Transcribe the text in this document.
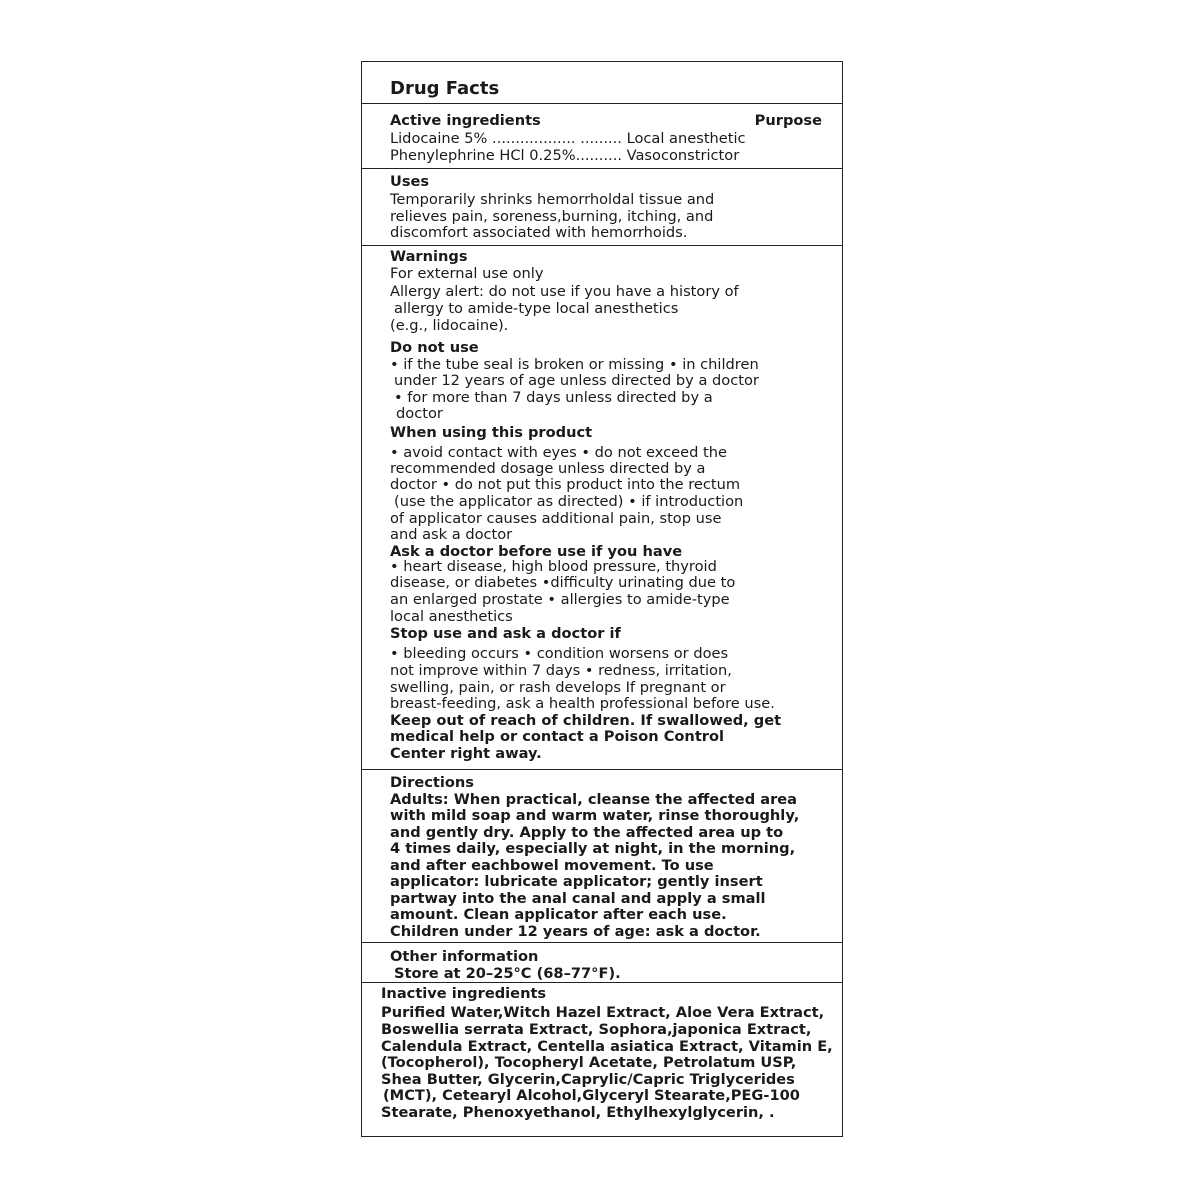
Drug Facts
Active ingredients	Purpose
Lidocaine 5% .................. ......... Local anesthetic
Phenylephrine HCl 0.25%.......... Vasoconstrictor
Uses
Temporarily shrinks hemorrholdal tissue and
relieves pain, soreness,burning, itching, and
discomfort associated with hemorrhoids.
Warnings
For external use only
Allergy alert: do not use if you have a history of
allergy to amide-type local anesthetics
(e.g., lidocaine).
Do not use
• if the tube seal is broken or missing • in children
under 12 years of age unless directed by a doctor
• for more than 7 days unless directed by a
doctor
When using this product
• avoid contact with eyes • do not exceed the
recommended dosage unless directed by a
doctor • do not put this product into the rectum
(use the applicator as directed) • if introduction
of applicator causes additional pain, stop use
and ask a doctor
Ask a doctor before use if you have
• heart disease, high blood pressure, thyroid
disease, or diabetes •difficulty urinating due to
an enlarged prostate • allergies to amide-type
local anesthetics
Stop use and ask a doctor if
• bleeding occurs • condition worsens or does
not improve within 7 days • redness, irritation,
swelling, pain, or rash develops If pregnant or
breast-feeding, ask a health professional before use.
Keep out of reach of children. If swallowed, get
medical help or contact a Poison Control
Center right away.
Directions
Adults: When practical, cleanse the affected area
with mild soap and warm water, rinse thoroughly,
and gently dry. Apply to the affected area up to
4 times daily, especially at night, in the morning,
and after eachbowel movement. To use
applicator: lubricate applicator; gently insert
partway into the anal canal and apply a small
amount. Clean applicator after each use.
Children under 12 years of age: ask a doctor.
Other information
Store at 20–25°C (68–77°F).
Inactive ingredients
Purified Water,Witch Hazel Extract, Aloe Vera Extract,
Boswellia serrata Extract, Sophora,japonica Extract,
Calendula Extract, Centella asiatica Extract, Vitamin E,
(Tocopherol), Tocopheryl Acetate, Petrolatum USP,
Shea Butter, Glycerin,Caprylic/Capric Triglycerides
(MCT), Cetearyl Alcohol,Glyceryl Stearate,PEG-100
Stearate, Phenoxyethanol, Ethylhexylglycerin, .
